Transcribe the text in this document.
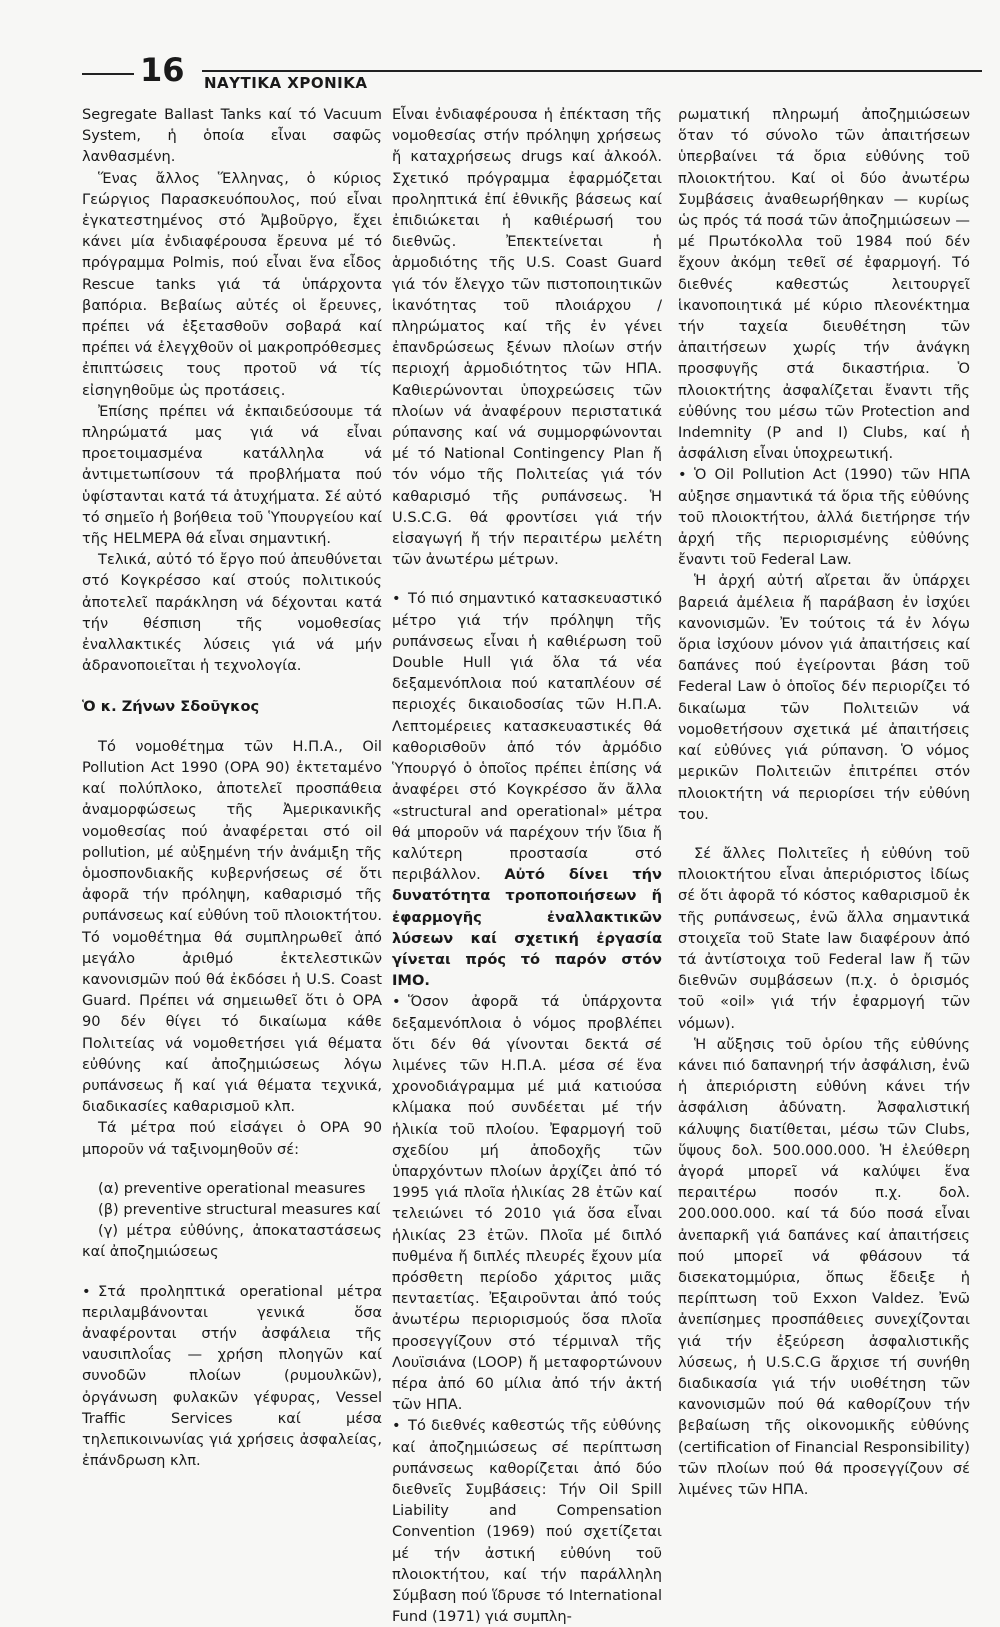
16 ΝΑΥΤΙΚΑ ΧΡΟΝΙΚΑ

Segregate Ballast Tanks καί τό Vacuum System, ἡ ὁποία εἶναι σαφῶς λανθασμένη.

Ἕνας ἄλλος Ἕλληνας, ὁ κύριος Γεώργιος Παρασκευόπουλος, πού εἶναι ἐγκατεστημένος στό Ἀμβοῦργο, ἔχει κάνει μία ἐνδιαφέρουσα ἔρευνα μέ τό πρόγραμμα Polmis, πού εἶναι ἕνα εἶδος Rescue tanks γιά τά ὑπάρχοντα βαπόρια. Βεβαίως αὐτές οἱ ἔρευνες, πρέπει νά ἐξετασθοῦν σοβαρά καί πρέπει νά ἐλεγχθοῦν οἱ μακροπρόθεσμες ἐπιπτώσεις τους προτοῦ νά τίς εἰσηγηθοῦμε ὡς προτάσεις.

Ἐπίσης πρέπει νά ἐκπαιδεύσουμε τά πληρώματά μας γιά νά εἶναι προετοιμασμένα κατάλληλα νά ἀντιμετωπίσουν τά προβλήματα πού ὑφίστανται κατά τά ἀτυχήματα. Σέ αὐτό τό σημεῖο ἡ βοήθεια τοῦ Ὑπουργείου καί τῆς HELMEPA θά εἶναι σημαντική.

Τελικά, αὐτό τό ἔργο πού ἀπευθύνεται στό Κογκρέσσο καί στούς πολιτικούς ἀποτελεῖ παράκληση νά δέχονται κατά τήν θέσπιση τῆς νομοθεσίας ἐναλλακτικές λύσεις γιά νά μήν ἀδρανοποιεῖται ἡ τεχνολογία.

Ὁ κ. Ζήνων Σδοῦγκος

Τό νομοθέτημα τῶν Η.Π.Α., Oil Pollution Act 1990 (OPA 90) ἐκτεταμένο καί πολύπλοκο, ἀποτελεῖ προσπάθεια ἀναμορφώσεως τῆς Ἀμερικανικῆς νομοθεσίας πού ἀναφέρεται στό oil pollution, μέ αὐξημένη τήν ἀνάμιξη τῆς ὁμοσπονδιακῆς κυβερνήσεως σέ ὅτι ἀφορᾶ τήν πρόληψη, καθαρισμό τῆς ρυπάνσεως καί εὐθύνη τοῦ πλοιοκτήτου. Τό νομοθέτημα θά συμπληρωθεῖ ἀπό μεγάλο ἀριθμό ἐκτελεστικῶν κανονισμῶν πού θά ἐκδόσει ἡ U.S. Coast Guard. Πρέπει νά σημειωθεῖ ὅτι ὁ OPA 90 δέν θίγει τό δικαίωμα κάθε Πολιτείας νά νομοθετήσει γιά θέματα εὐθύνης καί ἀποζημιώσεως λόγω ρυπάνσεως ἤ καί γιά θέματα τεχνικά, διαδικασίες καθαρισμοῦ κλπ.

Τά μέτρα πού εἰσάγει ὁ OPA 90 μποροῦν νά ταξινομηθοῦν σέ:

(α) preventive operational measures

(β) preventive structural measures καί

(γ) μέτρα εὐθύνης, ἀποκαταστάσεως καί ἀποζημιώσεως

• Στά προληπτικά operational μέτρα περιλαμβάνονται γενικά ὅσα ἀναφέρονται στήν ἀσφάλεια τῆς ναυσιπλοΐας — χρήση πλοηγῶν καί συνοδῶν πλοίων (ρυμουλκῶν), ὀργάνωση φυλακῶν γέφυρας, Vessel Traffic Services καί μέσα τηλεπικοινωνίας γιά χρήσεις ἀσφαλείας, ἐπάνδρωση κλπ.

Εἶναι ἐνδιαφέρουσα ἡ ἐπέκταση τῆς νομοθεσίας στήν πρόληψη χρήσεως ἤ καταχρήσεως drugs καί ἀλκοόλ. Σχετικό πρόγραμμα ἐφαρμόζεται προληπτικά ἐπί ἐθνικῆς βάσεως καί ἐπιδιώκεται ἡ καθιέρωσή του διεθνῶς. Ἐπεκτείνεται ἡ ἁρμοδιότης τῆς U.S. Coast Guard γιά τόν ἔλεγχο τῶν πιστοποιητικῶν ἱκανότητας τοῦ πλοιάρχου /πληρώματος καί τῆς ἐν γένει ἐπανδρώσεως ξένων πλοίων στήν περιοχή ἁρμοδιότητος τῶν ΗΠΑ. Καθιερώνονται ὑποχρεώσεις τῶν πλοίων νά ἀναφέρουν περιστατικά ρύπανσης καί νά συμμορφώνονται μέ τό National Contingency Plan ἤ τόν νόμο τῆς Πολιτείας γιά τόν καθαρισμό τῆς ρυπάνσεως. Ἡ U.S.C.G. θά φροντίσει γιά τήν εἰσαγωγή ἤ τήν περαιτέρω μελέτη τῶν ἀνωτέρω μέτρων.

• Τό πιό σημαντικό κατασκευαστικό μέτρο γιά τήν πρόληψη τῆς ρυπάνσεως εἶναι ἡ καθιέρωση τοῦ Double Hull γιά ὅλα τά νέα δεξαμενόπλοια πού καταπλέουν σέ περιοχές δικαιοδοσίας τῶν Η.Π.Α. Λεπτομέρειες κατασκευαστικές θά καθορισθοῦν ἀπό τόν ἁρμόδιο Ὑπουργό ὁ ὁποῖος πρέπει ἐπίσης νά ἀναφέρει στό Κογκρέσσο ἄν ἄλλα «structural and operational» μέτρα θά μποροῦν νά παρέχουν τήν ἴδια ἤ καλύτερη προστασία στό περιβάλλον. Αὐτό δίνει τήν δυνατότητα τροποποιήσεων ἤ ἐφαρμογῆς ἐναλλακτικῶν λύσεων καί σχετική ἐργασία γίνεται πρός τό παρόν στόν ΙΜΟ.

• Ὅσον ἀφορᾶ τά ὑπάρχοντα δεξαμενόπλοια ὁ νόμος προβλέπει ὅτι δέν θά γίνονται δεκτά σέ λιμένες τῶν Η.Π.Α. μέσα σέ ἕνα χρονοδιάγραμμα μέ μιά κατιούσα κλίμακα πού συνδέεται μέ τήν ἡλικία τοῦ πλοίου. Ἐφαρμογή τοῦ σχεδίου μή ἀποδοχῆς τῶν ὑπαρχόντων πλοίων ἀρχίζει ἀπό τό 1995 γιά πλοῖα ἡλικίας 28 ἐτῶν καί τελειώνει τό 2010 γιά ὅσα εἶναι ἡλικίας 23 ἐτῶν. Πλοῖα μέ διπλό πυθμένα ἤ διπλές πλευρές ἔχουν μία πρόσθετη περίοδο χάριτος μιᾶς πενταετίας. Ἐξαιροῦνται ἀπό τούς ἀνωτέρω περιορισμούς ὅσα πλοῖα προσεγγίζουν στό τέρμιναλ τῆς Λουϊσιάνα (LOOP) ἤ μεταφορτώνουν πέρα ἀπό 60 μίλια ἀπό τήν ἀκτή τῶν ΗΠΑ.

• Τό διεθνές καθεστώς τῆς εὐθύνης καί ἀποζημιώσεως σέ περίπτωση ρυπάνσεως καθορίζεται ἀπό δύο διεθνεῖς Συμβάσεις: Τήν Oil Spill Liability and Compensation Convention (1969) πού σχετίζεται μέ τήν ἀστική εὐθύνη τοῦ πλοιοκτήτου, καί τήν παράλληλη Σύμβαση πού ἵδρυσε τό International Fund (1971) γιά συμπλη-

ρωματική πληρωμή ἀποζημιώσεων ὅταν τό σύνολο τῶν ἀπαιτήσεων ὑπερβαίνει τά ὅρια εὐθύνης τοῦ πλοιοκτήτου. Καί οἱ δύο ἀνωτέρω Συμβάσεις ἀναθεωρήθηκαν — κυρίως ὡς πρός τά ποσά τῶν ἀποζημιώσεων — μέ Πρωτόκολλα τοῦ 1984 πού δέν ἔχουν ἀκόμη τεθεῖ σέ ἐφαρμογή. Τό διεθνές καθεστώς λειτουργεῖ ἱκανοποιητικά μέ κύριο πλεονέκτημα τήν ταχεία διευθέτηση τῶν ἀπαιτήσεων χωρίς τήν ἀνάγκη προσφυγῆς στά δικαστήρια. Ὁ πλοιοκτήτης ἀσφαλίζεται ἔναντι τῆς εὐθύνης του μέσω τῶν Protection and Indemnity (P and I) Clubs, καί ἡ ἀσφάλιση εἶναι ὑποχρεωτική.

• Ὁ Oil Pollution Act (1990) τῶν ΗΠΑ αὐξησε σημαντικά τά ὅρια τῆς εὐθύνης τοῦ πλοιοκτήτου, ἀλλά διετήρησε τήν ἀρχή τῆς περιορισμένης εὐθύνης ἔναντι τοῦ Federal Law.

Ἡ ἀρχή αὐτή αἴρεται ἄν ὑπάρχει βαρειά ἀμέλεια ἤ παράβαση ἐν ἰσχύει κανονισμῶν. Ἐν τούτοις τά ἐν λόγω ὅρια ἰσχύουν μόνον γιά ἀπαιτήσεις καί δαπάνες πού ἐγείρονται βάση τοῦ Federal Law ὁ ὁποῖος δέν περιορίζει τό δικαίωμα τῶν Πολιτειῶν νά νομοθετήσουν σχετικά μέ ἀπαιτήσεις καί εὐθύνες γιά ρύπανση. Ὁ νόμος μερικῶν Πολιτειῶν ἐπιτρέπει στόν πλοιοκτήτη νά περιορίσει τήν εὐθύνη του.

Σέ ἄλλες Πολιτεῖες ἡ εὐθύνη τοῦ πλοιοκτήτου εἶναι ἀπεριόριστος ἰδίως σέ ὅτι ἀφορᾶ τό κόστος καθαρισμοῦ ἐκ τῆς ρυπάνσεως, ἐνῶ ἄλλα σημαντικά στοιχεῖα τοῦ State law διαφέρουν ἀπό τά ἀντίστοιχα τοῦ Federal law ἤ τῶν διεθνῶν συμβάσεων (π.χ. ὁ ὁρισμός τοῦ «oil» γιά τήν ἐφαρμογή τῶν νόμων).

Ἡ αὔξησις τοῦ ὁρίου τῆς εὐθύνης κάνει πιό δαπανηρή τήν ἀσφάλιση, ἐνῶ ἡ ἀπεριόριστη εὐθύνη κάνει τήν ἀσφάλιση ἀδύνατη. Ἀσφαλιστική κάλυψης διατίθεται, μέσω τῶν Clubs, ὕψους δολ. 500.000.000. Ἡ ἐλεύθερη ἀγορά μπορεῖ νά καλύψει ἕνα περαιτέρω ποσόν π.χ. δολ. 200.000.000. καί τά δύο ποσά εἶναι ἀνεπαρκῆ γιά δαπάνες καί ἀπαιτήσεις πού μπορεῖ νά φθάσουν τά δισεκατομμύρια, ὅπως ἔδειξε ἡ περίπτωση τοῦ Exxon Valdez. Ἐνῶ ἀνεπίσημες προσπάθειες συνεχίζονται γιά τήν ἐξεύρεση ἀσφαλιστικῆς λύσεως, ἡ U.S.C.G ἄρχισε τή συνήθη διαδικασία γιά τήν υιοθέτηση τῶν κανονισμῶν πού θά καθορίζουν τήν βεβαίωση τῆς οἰκονομικῆς εὐθύνης (certification of Financial Responsibility) τῶν πλοίων πού θά προσεγγίζουν σέ λιμένες τῶν ΗΠΑ.
